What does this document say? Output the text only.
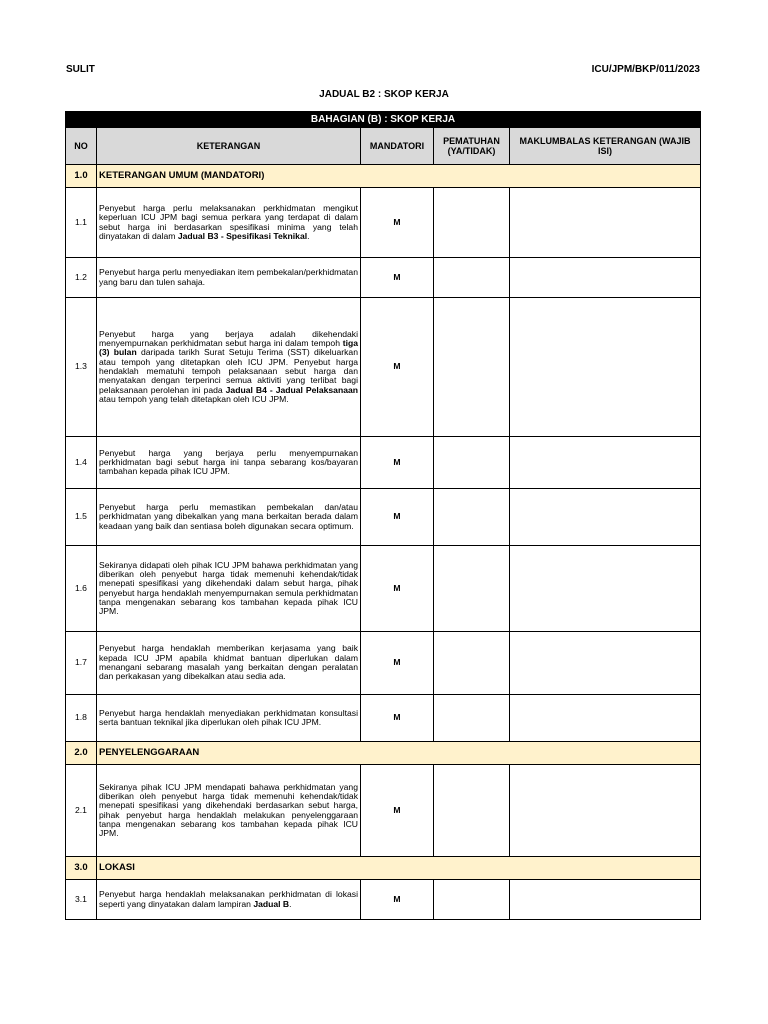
SULIT	ICU/JPM/BKP/011/2023
JADUAL B2 : SKOP KERJA
BAHAGIAN (B) : SKOP KERJA				
NO	KETERANGAN	MANDATORI	PEMATUHAN (YA/TIDAK)	MAKLUMBALAS KETERANGAN (WAJIB ISI)
1.0	KETERANGAN UMUM (MANDATORI)			
1.1	Penyebut harga perlu melaksanakan perkhidmatan mengikut keperluan ICU JPM bagi semua perkara yang terdapat di dalam sebut harga ini berdasarkan spesifikasi minima yang telah dinyatakan di dalam Jadual B3 - Spesifikasi Teknikal.	M		
1.2	Penyebut harga perlu menyediakan item pembekalan/perkhidmatan yang baru dan tulen sahaja.	M		
1.3	Penyebut harga yang berjaya adalah dikehendaki menyempurnakan perkhidmatan sebut harga ini dalam tempoh tiga (3) bulan daripada tarikh Surat Setuju Terima (SST) dikeluarkan atau tempoh yang ditetapkan oleh ICU JPM. Penyebut harga hendaklah mematuhi tempoh pelaksanaan sebut harga dan menyatakan dengan terperinci semua aktiviti yang terlibat bagi pelaksanaan perolehan ini pada Jadual B4 - Jadual Pelaksanaan atau tempoh yang telah ditetapkan oleh ICU JPM.	M		
1.4	Penyebut harga yang berjaya perlu menyempurnakan perkhidmatan bagi sebut harga ini tanpa sebarang kos/bayaran tambahan kepada pihak ICU JPM.	M		
1.5	Penyebut harga perlu memastikan pembekalan dan/atau perkhidmatan yang dibekalkan yang mana berkaitan berada dalam keadaan yang baik dan sentiasa boleh digunakan secara optimum.	M		
1.6	Sekiranya didapati oleh pihak ICU JPM bahawa perkhidmatan yang diberikan oleh penyebut harga tidak memenuhi kehendak/tidak menepati spesifikasi yang dikehendaki dalam sebut harga, pihak penyebut harga hendaklah menyempurnakan semula perkhidmatan tanpa mengenakan sebarang kos tambahan kepada pihak ICU JPM.	M		
1.7	Penyebut harga hendaklah memberikan kerjasama yang baik kepada ICU JPM apabila khidmat bantuan diperlukan dalam menangani sebarang masalah yang berkaitan dengan peralatan dan perkakasan yang dibekalkan atau sedia ada.	M		
1.8	Penyebut harga hendaklah menyediakan perkhidmatan konsultasi serta bantuan teknikal jika diperlukan oleh pihak ICU JPM.	M		
2.0	PENYELENGGARAAN			
2.1	Sekiranya pihak ICU JPM mendapati bahawa perkhidmatan yang diberikan oleh penyebut harga tidak memenuhi kehendak/tidak menepati spesifikasi yang dikehendaki berdasarkan sebut harga, pihak penyebut harga hendaklah melakukan penyelenggaraan tanpa mengenakan sebarang kos tambahan kepada pihak ICU JPM.	M		
3.0	LOKASI			
3.1	Penyebut harga hendaklah melaksanakan perkhidmatan di lokasi seperti yang dinyatakan dalam lampiran Jadual B.	M		
